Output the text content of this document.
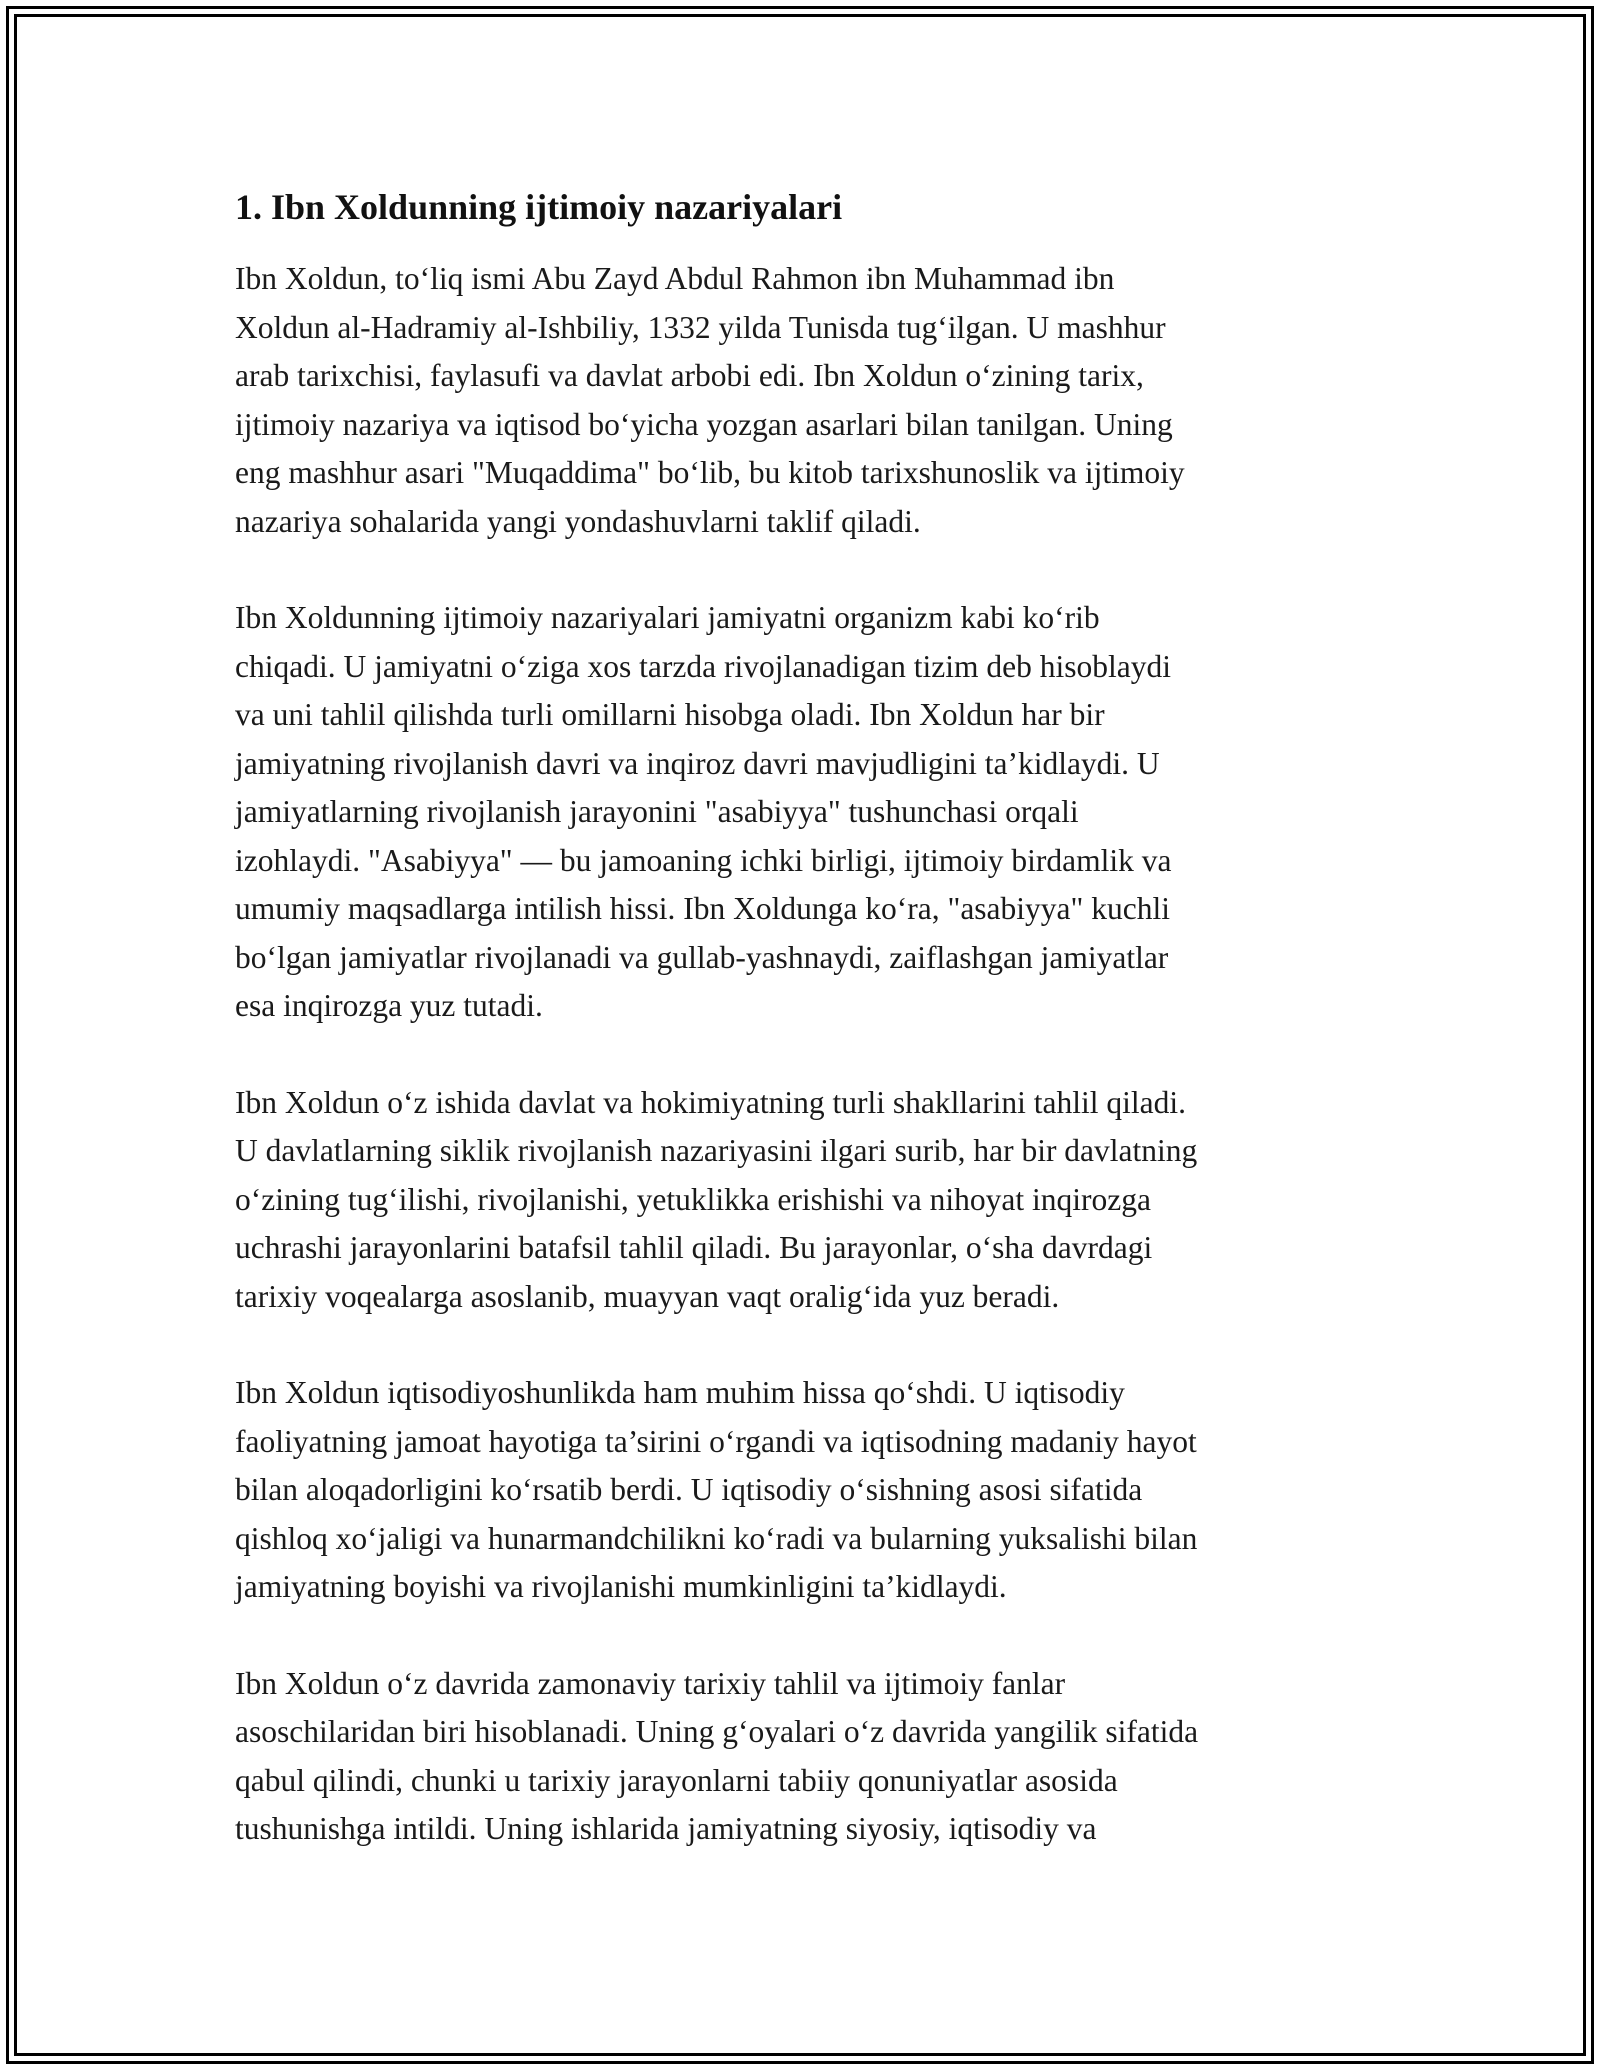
1. Ibn Xoldunning ijtimoiy nazariyalari

Ibn Xoldun, to‘liq ismi Abu Zayd Abdul Rahmon ibn Muhammad ibn
Xoldun al-Hadramiy al-Ishbiliy, 1332 yilda Tunisda tug‘ilgan. U mashhur
arab tarixchisi, faylasufi va davlat arbobi edi. Ibn Xoldun o‘zining tarix,
ijtimoiy nazariya va iqtisod bo‘yicha yozgan asarlari bilan tanilgan. Uning
eng mashhur asari "Muqaddima" bo‘lib, bu kitob tarixshunoslik va ijtimoiy
nazariya sohalarida yangi yondashuvlarni taklif qiladi.

Ibn Xoldunning ijtimoiy nazariyalari jamiyatni organizm kabi ko‘rib
chiqadi. U jamiyatni o‘ziga xos tarzda rivojlanadigan tizim deb hisoblaydi
va uni tahlil qilishda turli omillarni hisobga oladi. Ibn Xoldun har bir
jamiyatning rivojlanish davri va inqiroz davri mavjudligini ta’kidlaydi. U
jamiyatlarning rivojlanish jarayonini "asabiyya" tushunchasi orqali
izohlaydi. "Asabiyya" — bu jamoaning ichki birligi, ijtimoiy birdamlik va
umumiy maqsadlarga intilish hissi. Ibn Xoldunga ko‘ra, "asabiyya" kuchli
bo‘lgan jamiyatlar rivojlanadi va gullab-yashnaydi, zaiflashgan jamiyatlar
esa inqirozga yuz tutadi.

Ibn Xoldun o‘z ishida davlat va hokimiyatning turli shakllarini tahlil qiladi.
U davlatlarning siklik rivojlanish nazariyasini ilgari surib, har bir davlatning
o‘zining tug‘ilishi, rivojlanishi, yetuklikka erishishi va nihoyat inqirozga
uchrashi jarayonlarini batafsil tahlil qiladi. Bu jarayonlar, o‘sha davrdagi
tarixiy voqealarga asoslanib, muayyan vaqt oralig‘ida yuz beradi.

Ibn Xoldun iqtisodiyoshunlikda ham muhim hissa qo‘shdi. U iqtisodiy
faoliyatning jamoat hayotiga ta’sirini o‘rgandi va iqtisodning madaniy hayot
bilan aloqadorligini ko‘rsatib berdi. U iqtisodiy o‘sishning asosi sifatida
qishloq xo‘jaligi va hunarmandchilikni ko‘radi va bularning yuksalishi bilan
jamiyatning boyishi va rivojlanishi mumkinligini ta’kidlaydi.

Ibn Xoldun o‘z davrida zamonaviy tarixiy tahlil va ijtimoiy fanlar
asoschilaridan biri hisoblanadi. Uning g‘oyalari o‘z davrida yangilik sifatida
qabul qilindi, chunki u tarixiy jarayonlarni tabiiy qonuniyatlar asosida
tushunishga intildi. Uning ishlarida jamiyatning siyosiy, iqtisodiy va
